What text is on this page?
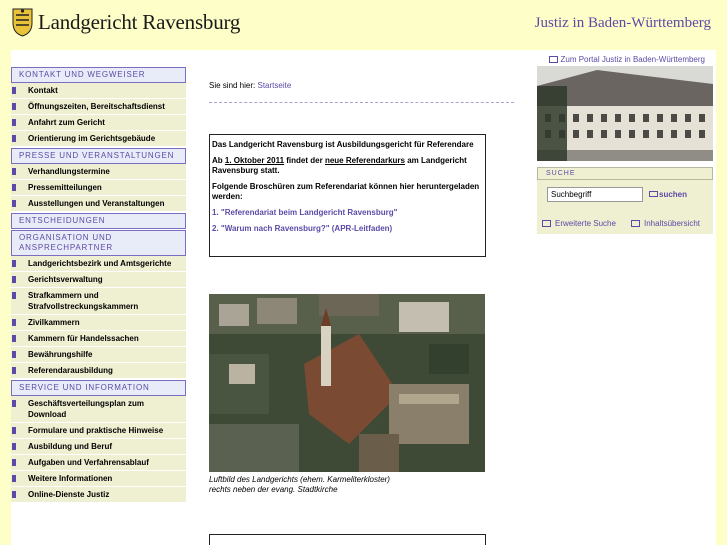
Landgericht Ravensburg	Justiz in Baden-Württemberg
KONTAKT UND WEGWEISER
Kontakt
Öffnungszeiten, Bereitschaftsdienst
Anfahrt zum Gericht
Orientierung im Gerichtsgebäude
PRESSE UND VERANSTALTUNGEN
Verhandlungstermine
Pressemitteilungen
Ausstellungen und Veranstaltungen
ENTSCHEIDUNGEN
ORGANISATION UND ANSPRECHPARTNER
Landgerichtsbezirk und Amtsgerichte
Gerichtsverwaltung
Strafkammern und Strafvollstreckungskammern
Zivilkammern
Kammern für Handelssachen
Bewährungshilfe
Referendarausbildung
SERVICE UND INFORMATION
Geschäftsverteilungsplan zum Download
Formulare und praktische Hinweise
Ausbildung und Beruf
Aufgaben und Verfahrensablauf
Weitere Informationen
Online-Dienste Justiz
Sie sind hier: Startseite

Das Landgericht Ravensburg ist Ausbildungsgericht für Referendare

Ab 1. Oktober 2011 findet der neue Referendarkurs am Landgericht Ravensburg statt.

Folgende Broschüren zum Referendariat können hier heruntergeladen werden:

1. "Referendariat beim Landgericht Ravensburg"

2. "Warum nach Ravensburg?" (APR-Leitfaden)

Luftbild des Landgerichts (ehem. Karmeliterkloster)
rechts neben der evang. Stadtkirche
Zum Portal Justiz in Baden-Württemberg
SUCHE
Suchbegriff
suchen
Erweiterte Suche	Inhaltsübersicht
